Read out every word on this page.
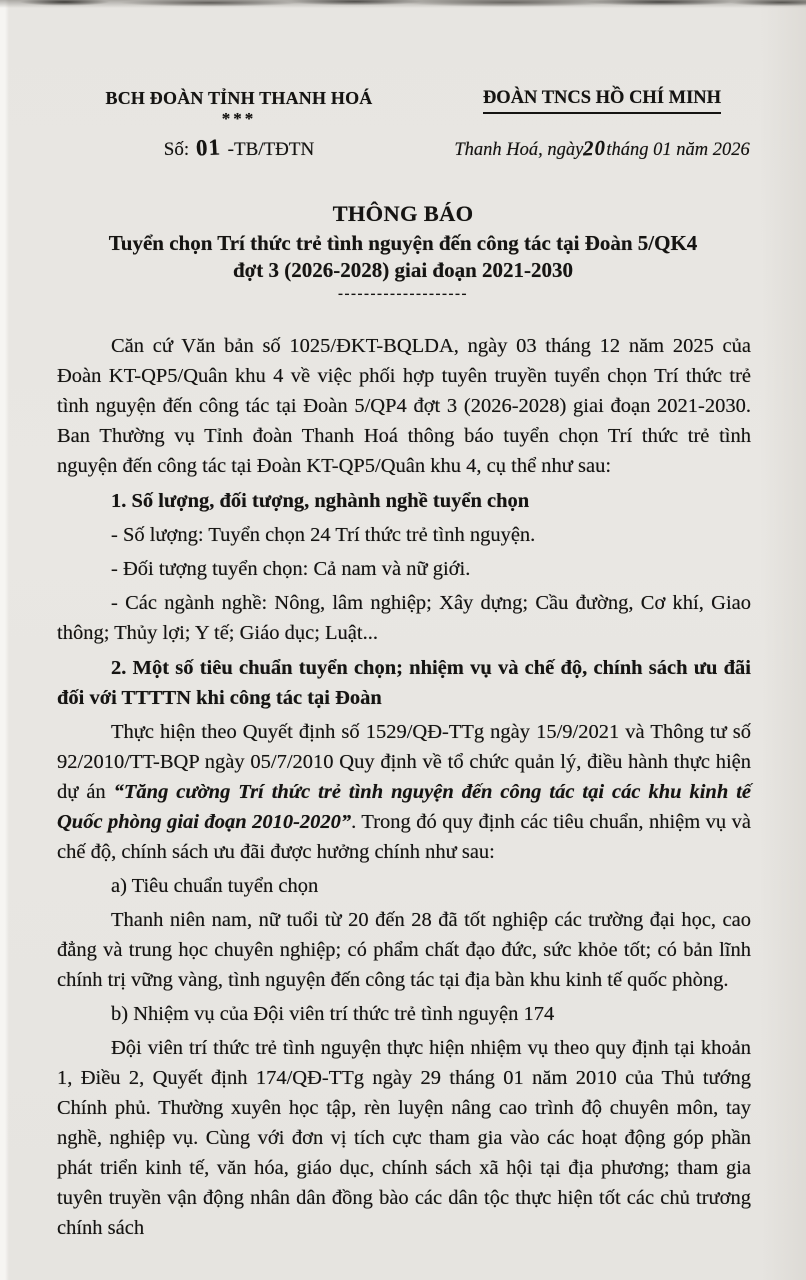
BCH ĐOÀN TỈNH THANH HOÁ
***
Số: 01 -TB/TĐTN
ĐOÀN TNCS HỒ CHÍ MINH
Thanh Hoá, ngày20tháng 01 năm 2026
THÔNG BÁO
Tuyển chọn Trí thức trẻ tình nguyện đến công tác tại Đoàn 5/QK4
đợt 3 (2026-2028) giai đoạn 2021-2030
--------------------

Căn cứ Văn bản số 1025/ĐKT-BQLDA, ngày 03 tháng 12 năm 2025 của Đoàn KT-QP5/Quân khu 4 về việc phối hợp tuyên truyền tuyển chọn Trí thức trẻ tình nguyện đến công tác tại Đoàn 5/QP4 đợt 3 (2026-2028) giai đoạn 2021-2030. Ban Thường vụ Tỉnh đoàn Thanh Hoá thông báo tuyển chọn Trí thức trẻ tình nguyện đến công tác tại Đoàn KT-QP5/Quân khu 4, cụ thể như sau:

1. Số lượng, đối tượng, nghành nghề tuyển chọn

- Số lượng: Tuyển chọn 24 Trí thức trẻ tình nguyện.

- Đối tượng tuyển chọn: Cả nam và nữ giới.

- Các ngành nghề: Nông, lâm nghiệp; Xây dựng; Cầu đường, Cơ khí, Giao thông; Thủy lợi; Y tế; Giáo dục; Luật...

2. Một số tiêu chuẩn tuyển chọn; nhiệm vụ và chế độ, chính sách ưu đãi đối với TTTTN khi công tác tại Đoàn

Thực hiện theo Quyết định số 1529/QĐ-TTg ngày 15/9/2021 và Thông tư số 92/2010/TT-BQP ngày 05/7/2010 Quy định về tổ chức quản lý, điều hành thực hiện dự án “Tăng cường Trí thức trẻ tình nguyện đến công tác tại các khu kinh tế Quốc phòng giai đoạn 2010-2020”. Trong đó quy định các tiêu chuẩn, nhiệm vụ và chế độ, chính sách ưu đãi được hưởng chính như sau:

a) Tiêu chuẩn tuyển chọn

Thanh niên nam, nữ tuổi từ 20 đến 28 đã tốt nghiệp các trường đại học, cao đẳng và trung học chuyên nghiệp; có phẩm chất đạo đức, sức khỏe tốt; có bản lĩnh chính trị vững vàng, tình nguyện đến công tác tại địa bàn khu kinh tế quốc phòng.

b) Nhiệm vụ của Đội viên trí thức trẻ tình nguyện 174

Đội viên trí thức trẻ tình nguyện thực hiện nhiệm vụ theo quy định tại khoản 1, Điều 2, Quyết định 174/QĐ-TTg ngày 29 tháng 01 năm 2010 của Thủ tướng Chính phủ. Thường xuyên học tập, rèn luyện nâng cao trình độ chuyên môn, tay nghề, nghiệp vụ. Cùng với đơn vị tích cực tham gia vào các hoạt động góp phần phát triển kinh tế, văn hóa, giáo dục, chính sách xã hội tại địa phương; tham gia tuyên truyền vận động nhân dân đồng bào các dân tộc thực hiện tốt các chủ trương chính sách
